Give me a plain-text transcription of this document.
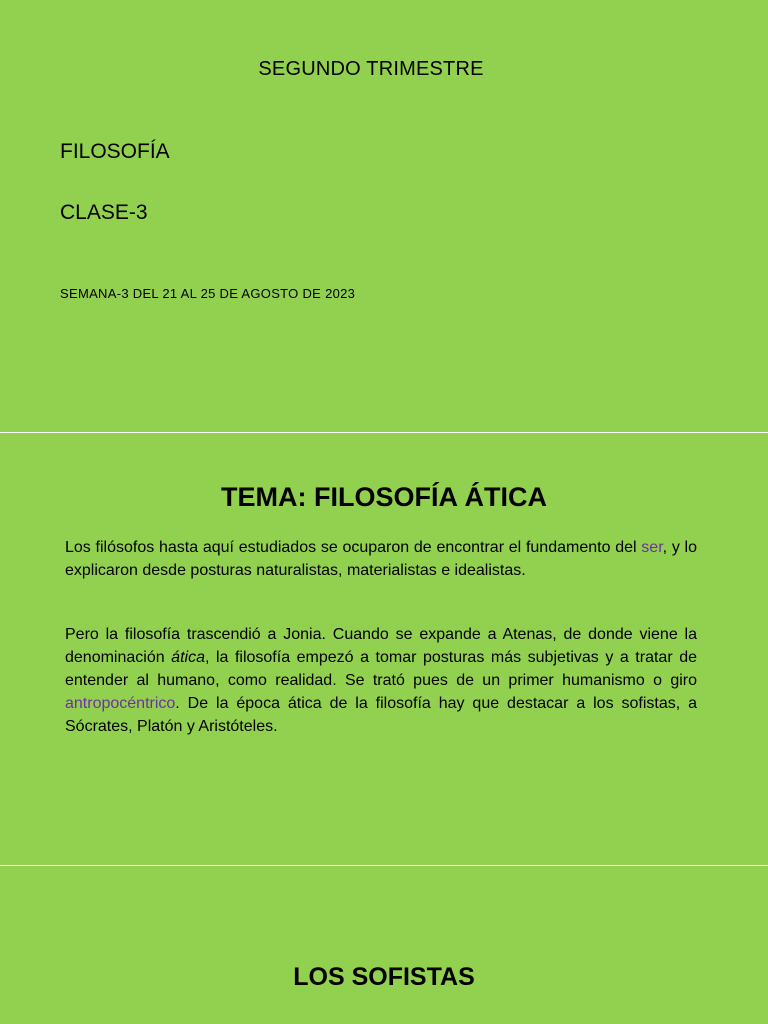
SEGUNDO TRIMESTRE
FILOSOFÍA
CLASE-3
SEMANA-3 DEL 21 AL 25 DE AGOSTO DE 2023
TEMA: FILOSOFÍA ÁTICA
Los filósofos hasta aquí estudiados se ocuparon de encontrar el fundamento del ser, y lo explicaron desde posturas naturalistas, materialistas e idealistas.
Pero la filosofía trascendió a Jonia. Cuando se expande a Atenas, de donde viene la denominación ática, la filosofía empezó a tomar posturas más subjetivas y a tratar de entender al humano, como realidad. Se trató pues de un primer humanismo o giro antropocéntrico. De la época ática de la filosofía hay que destacar a los sofistas, a Sócrates, Platón y Aristóteles.
LOS SOFISTAS
